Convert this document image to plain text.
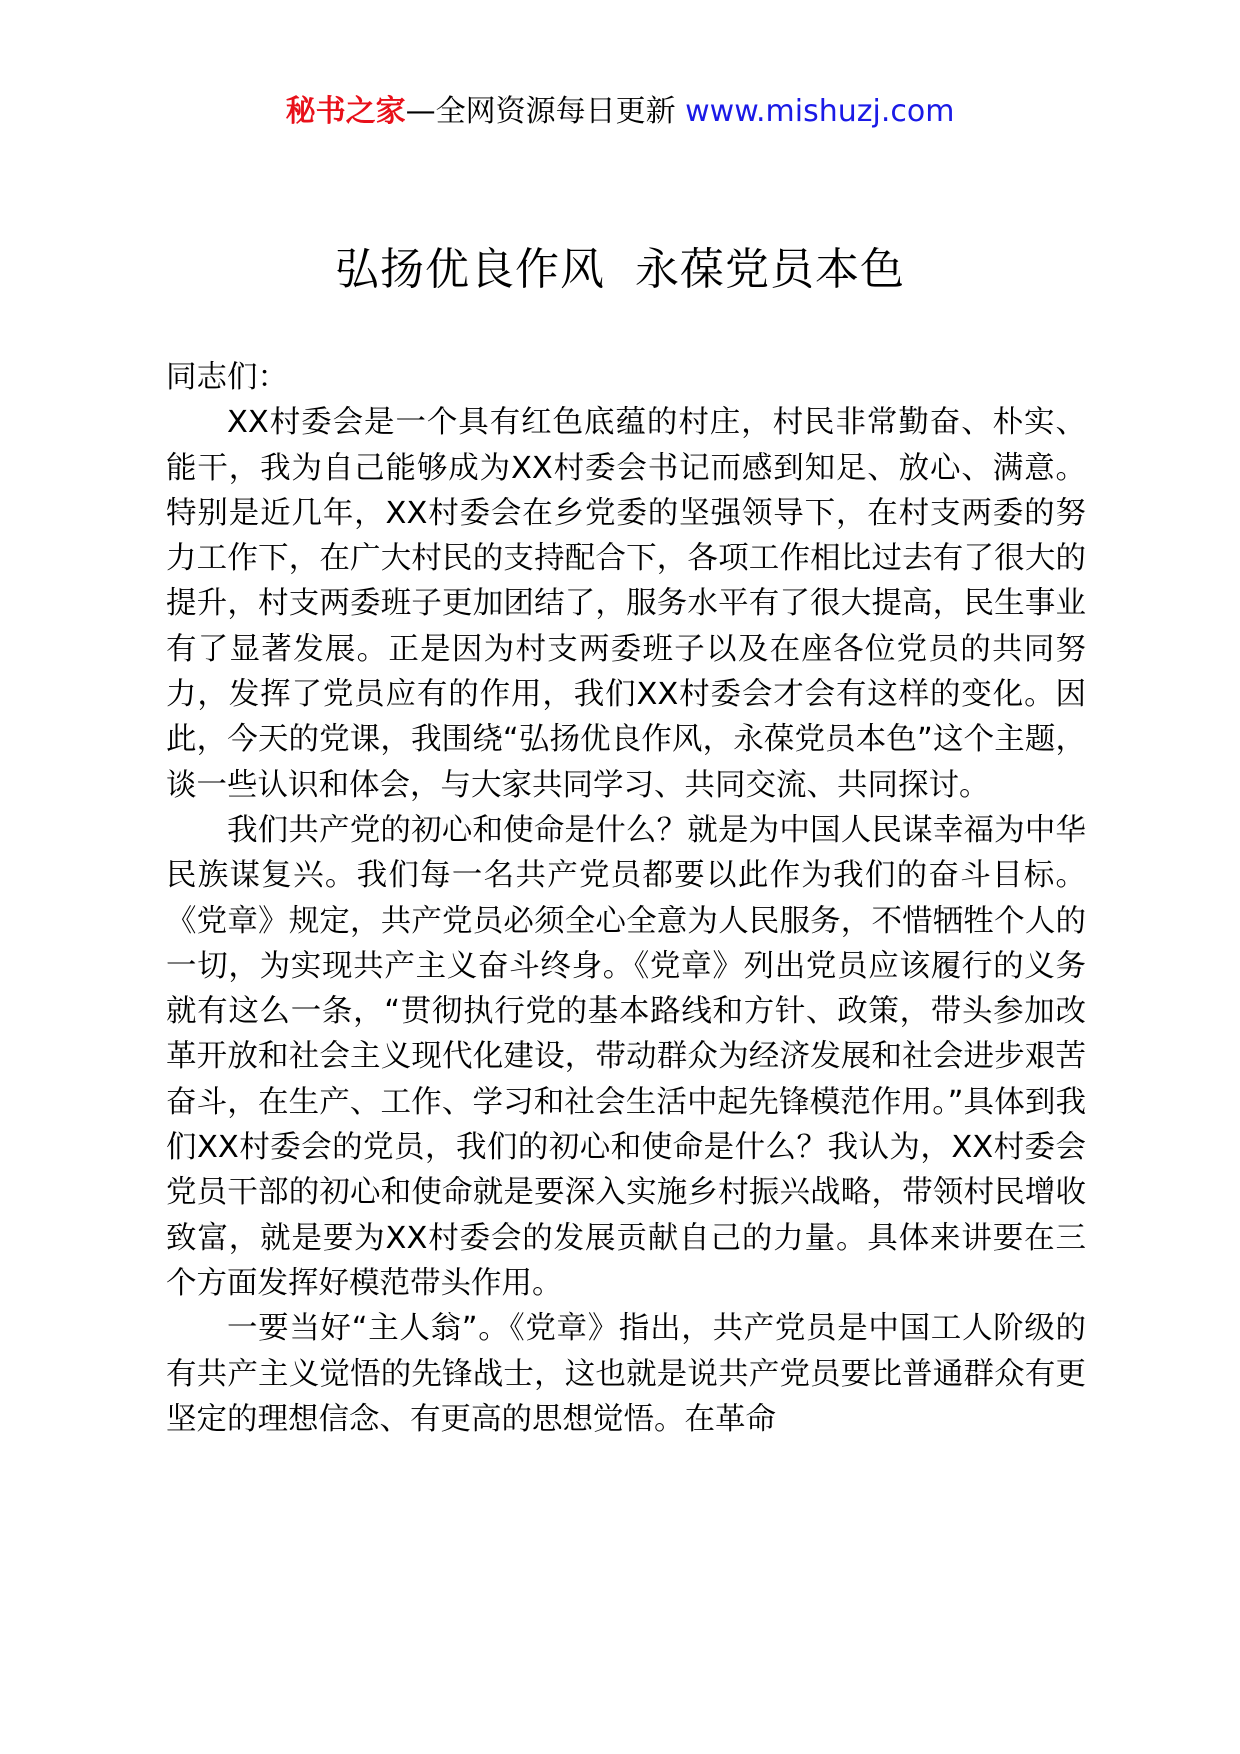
秘书之家—全网资源每日更新 www.mishuzj.com
弘扬优良作风  永葆党员本色

同志们：

XX村委会是一个具有红色底蕴的村庄，村民非常勤奋、朴实、能干，我为自己能够成为XX村委会书记而感到知足、放心、满意。特别是近几年，XX村委会在乡党委的坚强领导下，在村支两委的努力工作下，在广大村民的支持配合下，各项工作相比过去有了很大的提升，村支两委班子更加团结了，服务水平有了很大提高，民生事业有了显著发展。正是因为村支两委班子以及在座各位党员的共同努力，发挥了党员应有的作用，我们XX村委会才会有这样的变化。因此，今天的党课，我围绕“弘扬优良作风，永葆党员本色”这个主题，谈一些认识和体会，与大家共同学习、共同交流、共同探讨。

我们共产党的初心和使命是什么？就是为中国人民谋幸福为中华民族谋复兴。我们每一名共产党员都要以此作为我们的奋斗目标。《党章》规定，共产党员必须全心全意为人民服务，不惜牺牲个人的一切，为实现共产主义奋斗终身。《党章》列出党员应该履行的义务就有这么一条，“贯彻执行党的基本路线和方针、政策，带头参加改革开放和社会主义现代化建设，带动群众为经济发展和社会进步艰苦奋斗，在生产、工作、学习和社会生活中起先锋模范作用。”具体到我们XX村委会的党员，我们的初心和使命是什么？我认为，XX村委会党员干部的初心和使命就是要深入实施乡村振兴战略，带领村民增收致富，就是要为XX村委会的发展贡献自己的力量。具体来讲要在三个方面发挥好模范带头作用。

一要当好“主人翁”。《党章》指出，共产党员是中国工人阶级的有共产主义觉悟的先锋战士，这也就是说共产党员要比普通群众有更坚定的理想信念、有更高的思想觉悟。在革命
